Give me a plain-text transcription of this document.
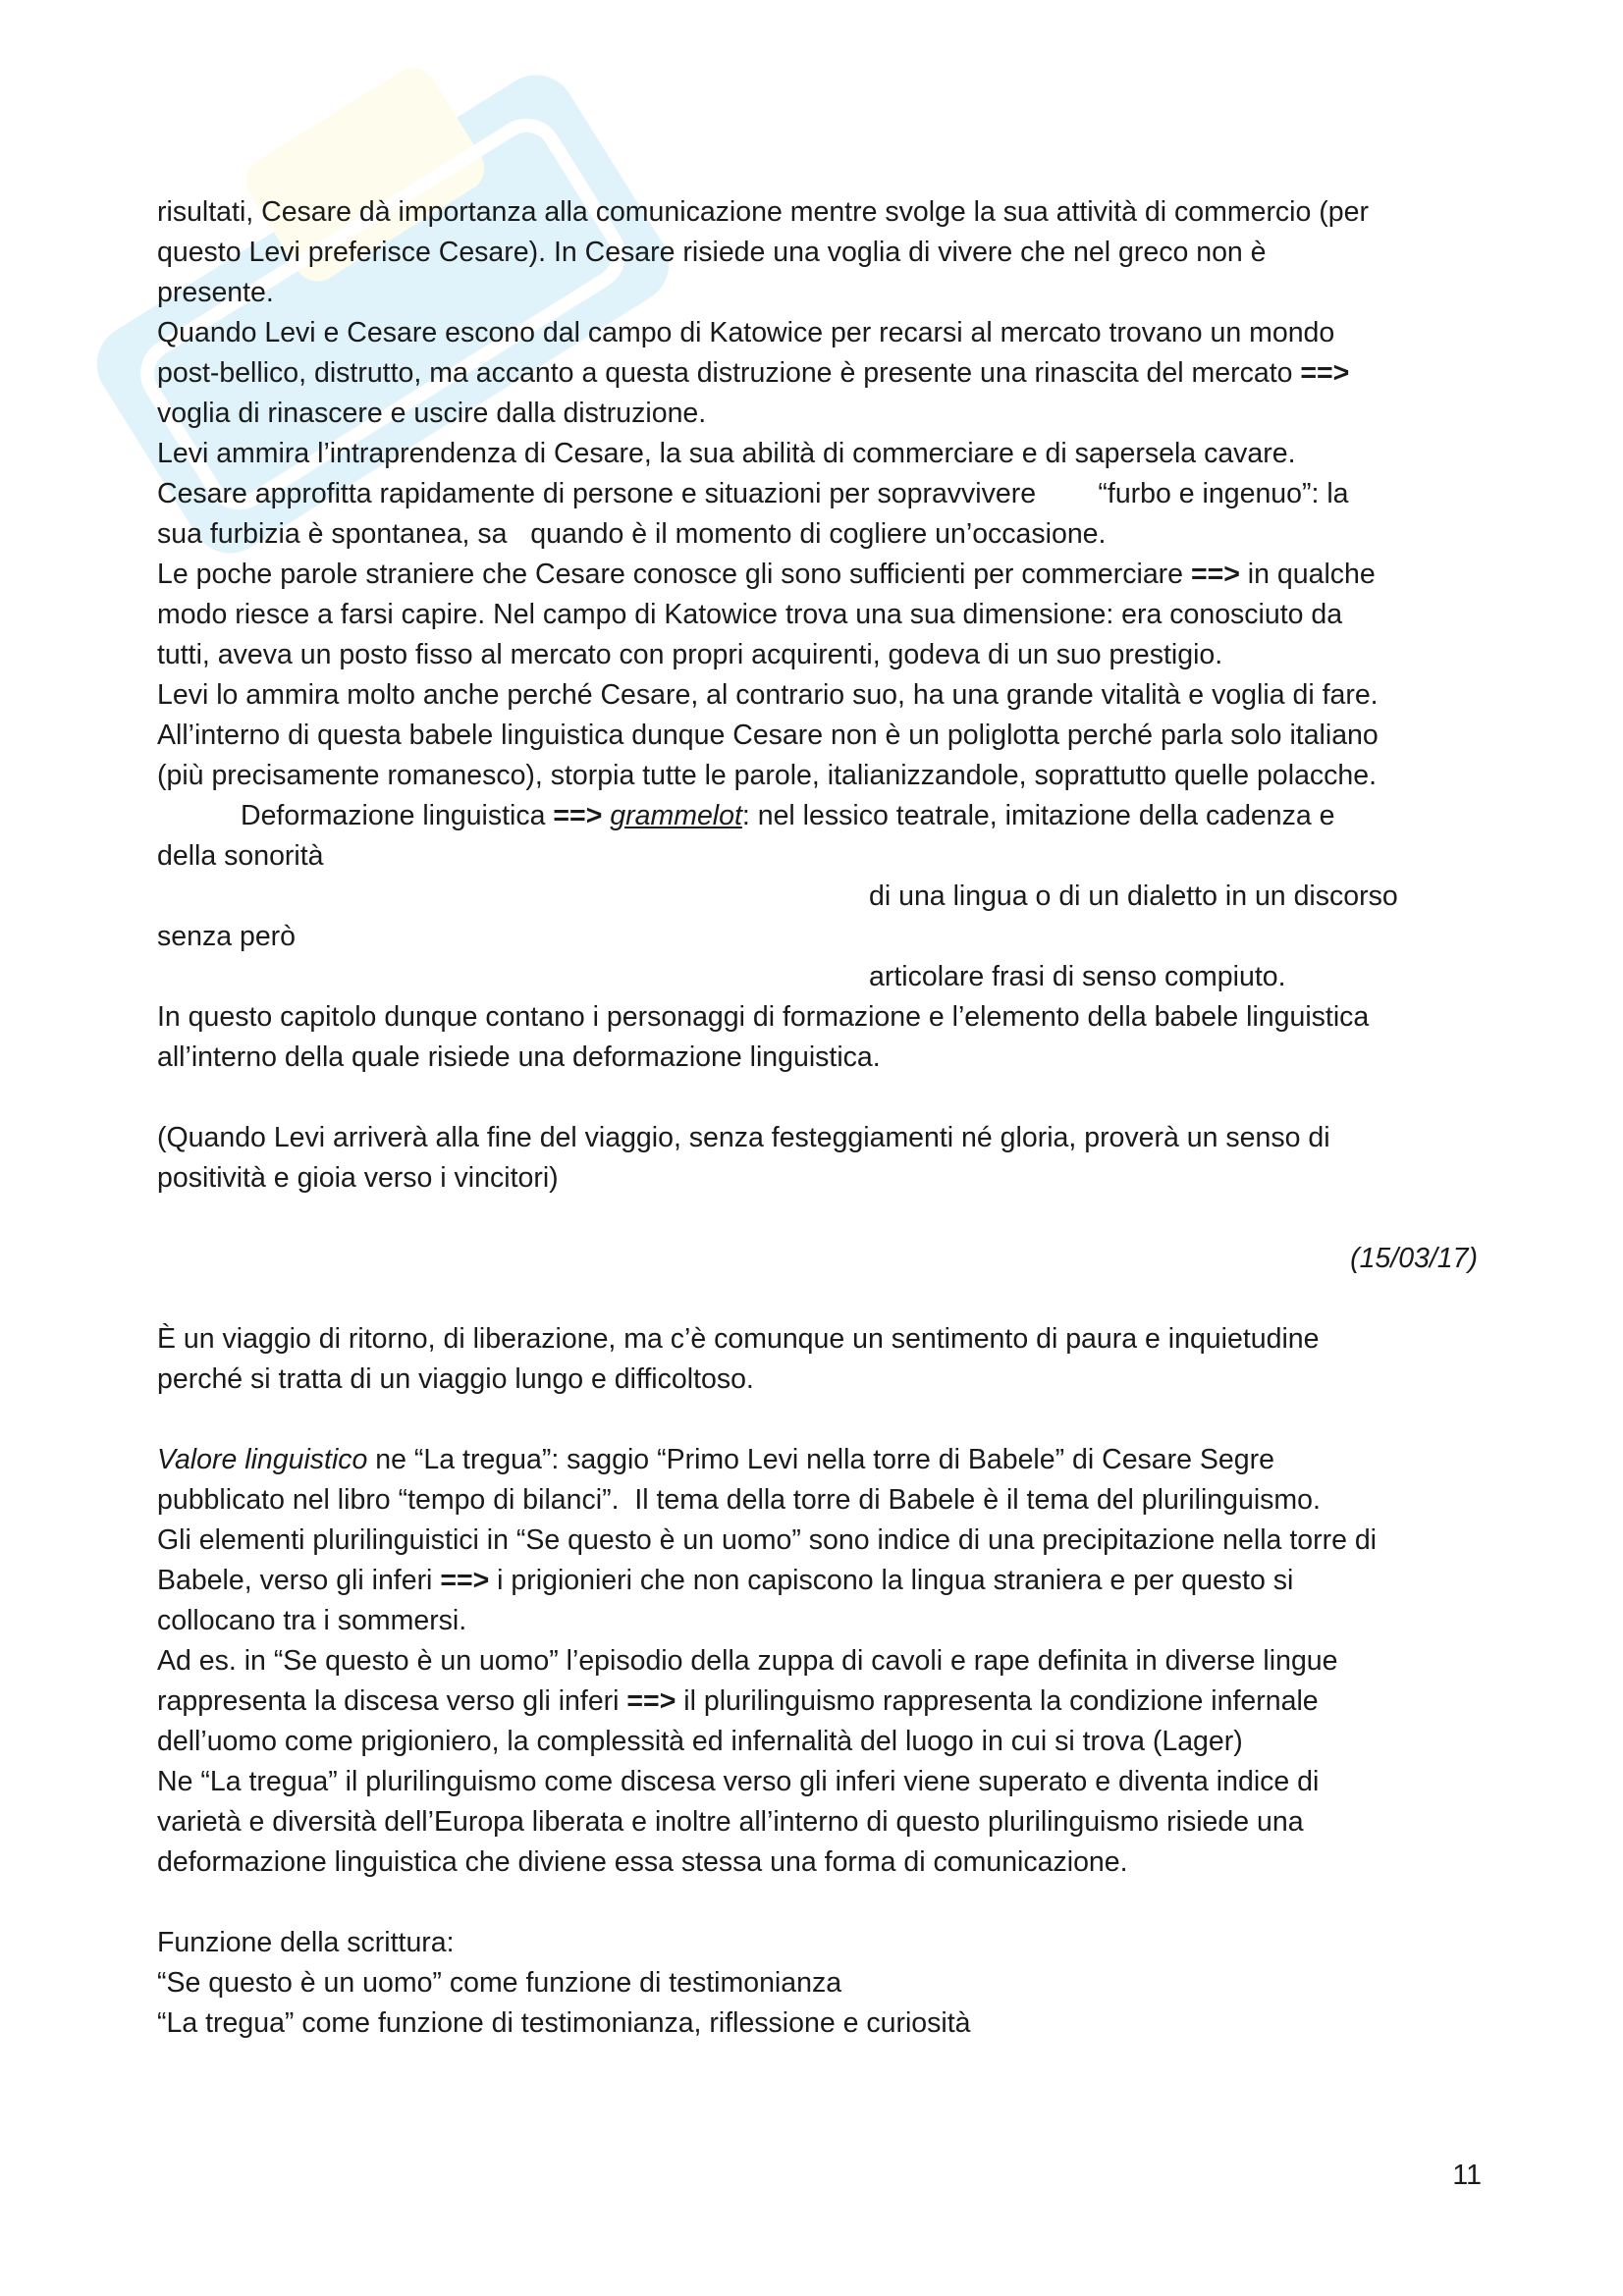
risultati, Cesare dà importanza alla comunicazione mentre svolge la sua attività di commercio (per
questo Levi preferisce Cesare). In Cesare risiede una voglia di vivere che nel greco non è
presente.
Quando Levi e Cesare escono dal campo di Katowice per recarsi al mercato trovano un mondo
post-bellico, distrutto, ma accanto a questa distruzione è presente una rinascita del mercato ==>
voglia di rinascere e uscire dalla distruzione.
Levi ammira l’intraprendenza di Cesare, la sua abilità di commerciare e di sapersela cavare.
Cesare approfitta rapidamente di persone e situazioni per sopravvivere        “furbo e ingenuo”: la
sua furbizia è spontanea, sa   quando è il momento di cogliere un’occasione.
Le poche parole straniere che Cesare conosce gli sono sufficienti per commerciare ==> in qualche
modo riesce a farsi capire. Nel campo di Katowice trova una sua dimensione: era conosciuto da
tutti, aveva un posto fisso al mercato con propri acquirenti, godeva di un suo prestigio.
Levi lo ammira molto anche perché Cesare, al contrario suo, ha una grande vitalità e voglia di fare.
All’interno di questa babele linguistica dunque Cesare non è un poliglotta perché parla solo italiano
(più precisamente romanesco), storpia tutte le parole, italianizzandole, soprattutto quelle polacche.
Deformazione linguistica ==> grammelot: nel lessico teatrale, imitazione della cadenza e
della sonorità
di una lingua o di un dialetto in un discorso
senza però
articolare frasi di senso compiuto.
In questo capitolo dunque contano i personaggi di formazione e l’elemento della babele linguistica
all’interno della quale risiede una deformazione linguistica.
(Quando Levi arriverà alla fine del viaggio, senza festeggiamenti né gloria, proverà un senso di
positività e gioia verso i vincitori)
(15/03/17)
È un viaggio di ritorno, di liberazione, ma c’è comunque un sentimento di paura e inquietudine
perché si tratta di un viaggio lungo e difficoltoso.
Valore linguistico ne “La tregua”: saggio “Primo Levi nella torre di Babele” di Cesare Segre
pubblicato nel libro “tempo di bilanci”.  Il tema della torre di Babele è il tema del plurilinguismo.
Gli elementi plurilinguistici in “Se questo è un uomo” sono indice di una precipitazione nella torre di
Babele, verso gli inferi ==> i prigionieri che non capiscono la lingua straniera e per questo si
collocano tra i sommersi.
Ad es. in “Se questo è un uomo” l’episodio della zuppa di cavoli e rape definita in diverse lingue
rappresenta la discesa verso gli inferi ==> il plurilinguismo rappresenta la condizione infernale
dell’uomo come prigioniero, la complessità ed infernalità del luogo in cui si trova (Lager)
Ne “La tregua” il plurilinguismo come discesa verso gli inferi viene superato e diventa indice di
varietà e diversità dell’Europa liberata e inoltre all’interno di questo plurilinguismo risiede una
deformazione linguistica che diviene essa stessa una forma di comunicazione.
Funzione della scrittura:
“Se questo è un uomo” come funzione di testimonianza
“La tregua” come funzione di testimonianza, riflessione e curiosità
11
